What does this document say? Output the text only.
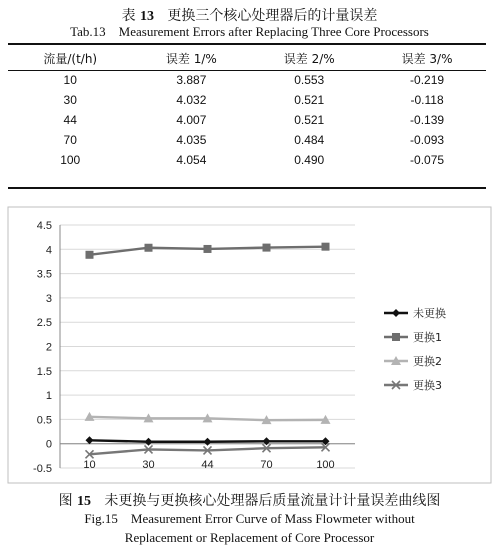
表 13 更换三个核心处理器后的计量误差
Tab.13    Measurement Errors after Replacing Three Core Processors
流量/(t/h)	误差 1/%	误差 2/%	误差 3/%
10	3.887	0.553	-0.219
30	4.032	0.521	-0.118
44	4.007	0.521	-0.139
70	4.035	0.484	-0.093
100	4.054	0.490	-0.075
4.5
4
3.5
3
2.5
2
1.5
1
0.5
0
-0.5	10	30	44	70	100
未更换
更换1
更换2
更换3
图 15 未更换与更换核心处理器后质量流量计计量误差曲线图
Fig.15    Measurement Error Curve of Mass Flowmeter without
Replacement or Replacement of Core Processor
